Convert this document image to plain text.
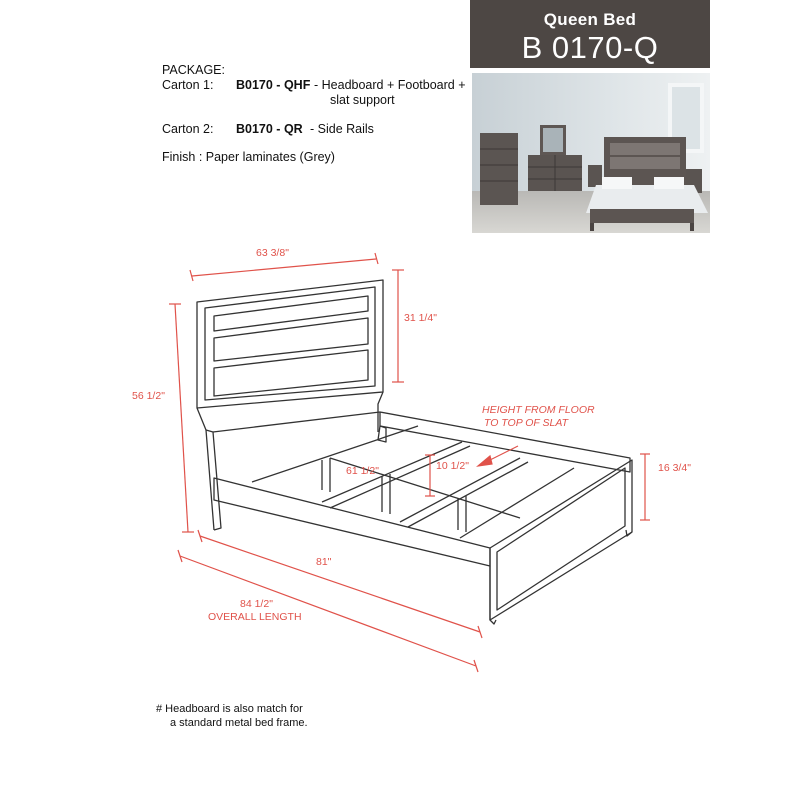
Queen Bed
B 0170-Q
PACKAGE:
Carton 1: B0170 - QHF - Headboard + Footboard +
slat support
Carton 2: B0170 - QR - Side Rails
Finish : Paper laminates (Grey)
63 3/8"
31 1/4"
56 1/2"
HEIGHT FROM FLOOR
TO TOP OF SLAT
10 1/2"
61 1/2"	16 3/4"
81"
84 1/2"
OVERALL LENGTH
# Headboard is also match for
a standard metal bed frame.
